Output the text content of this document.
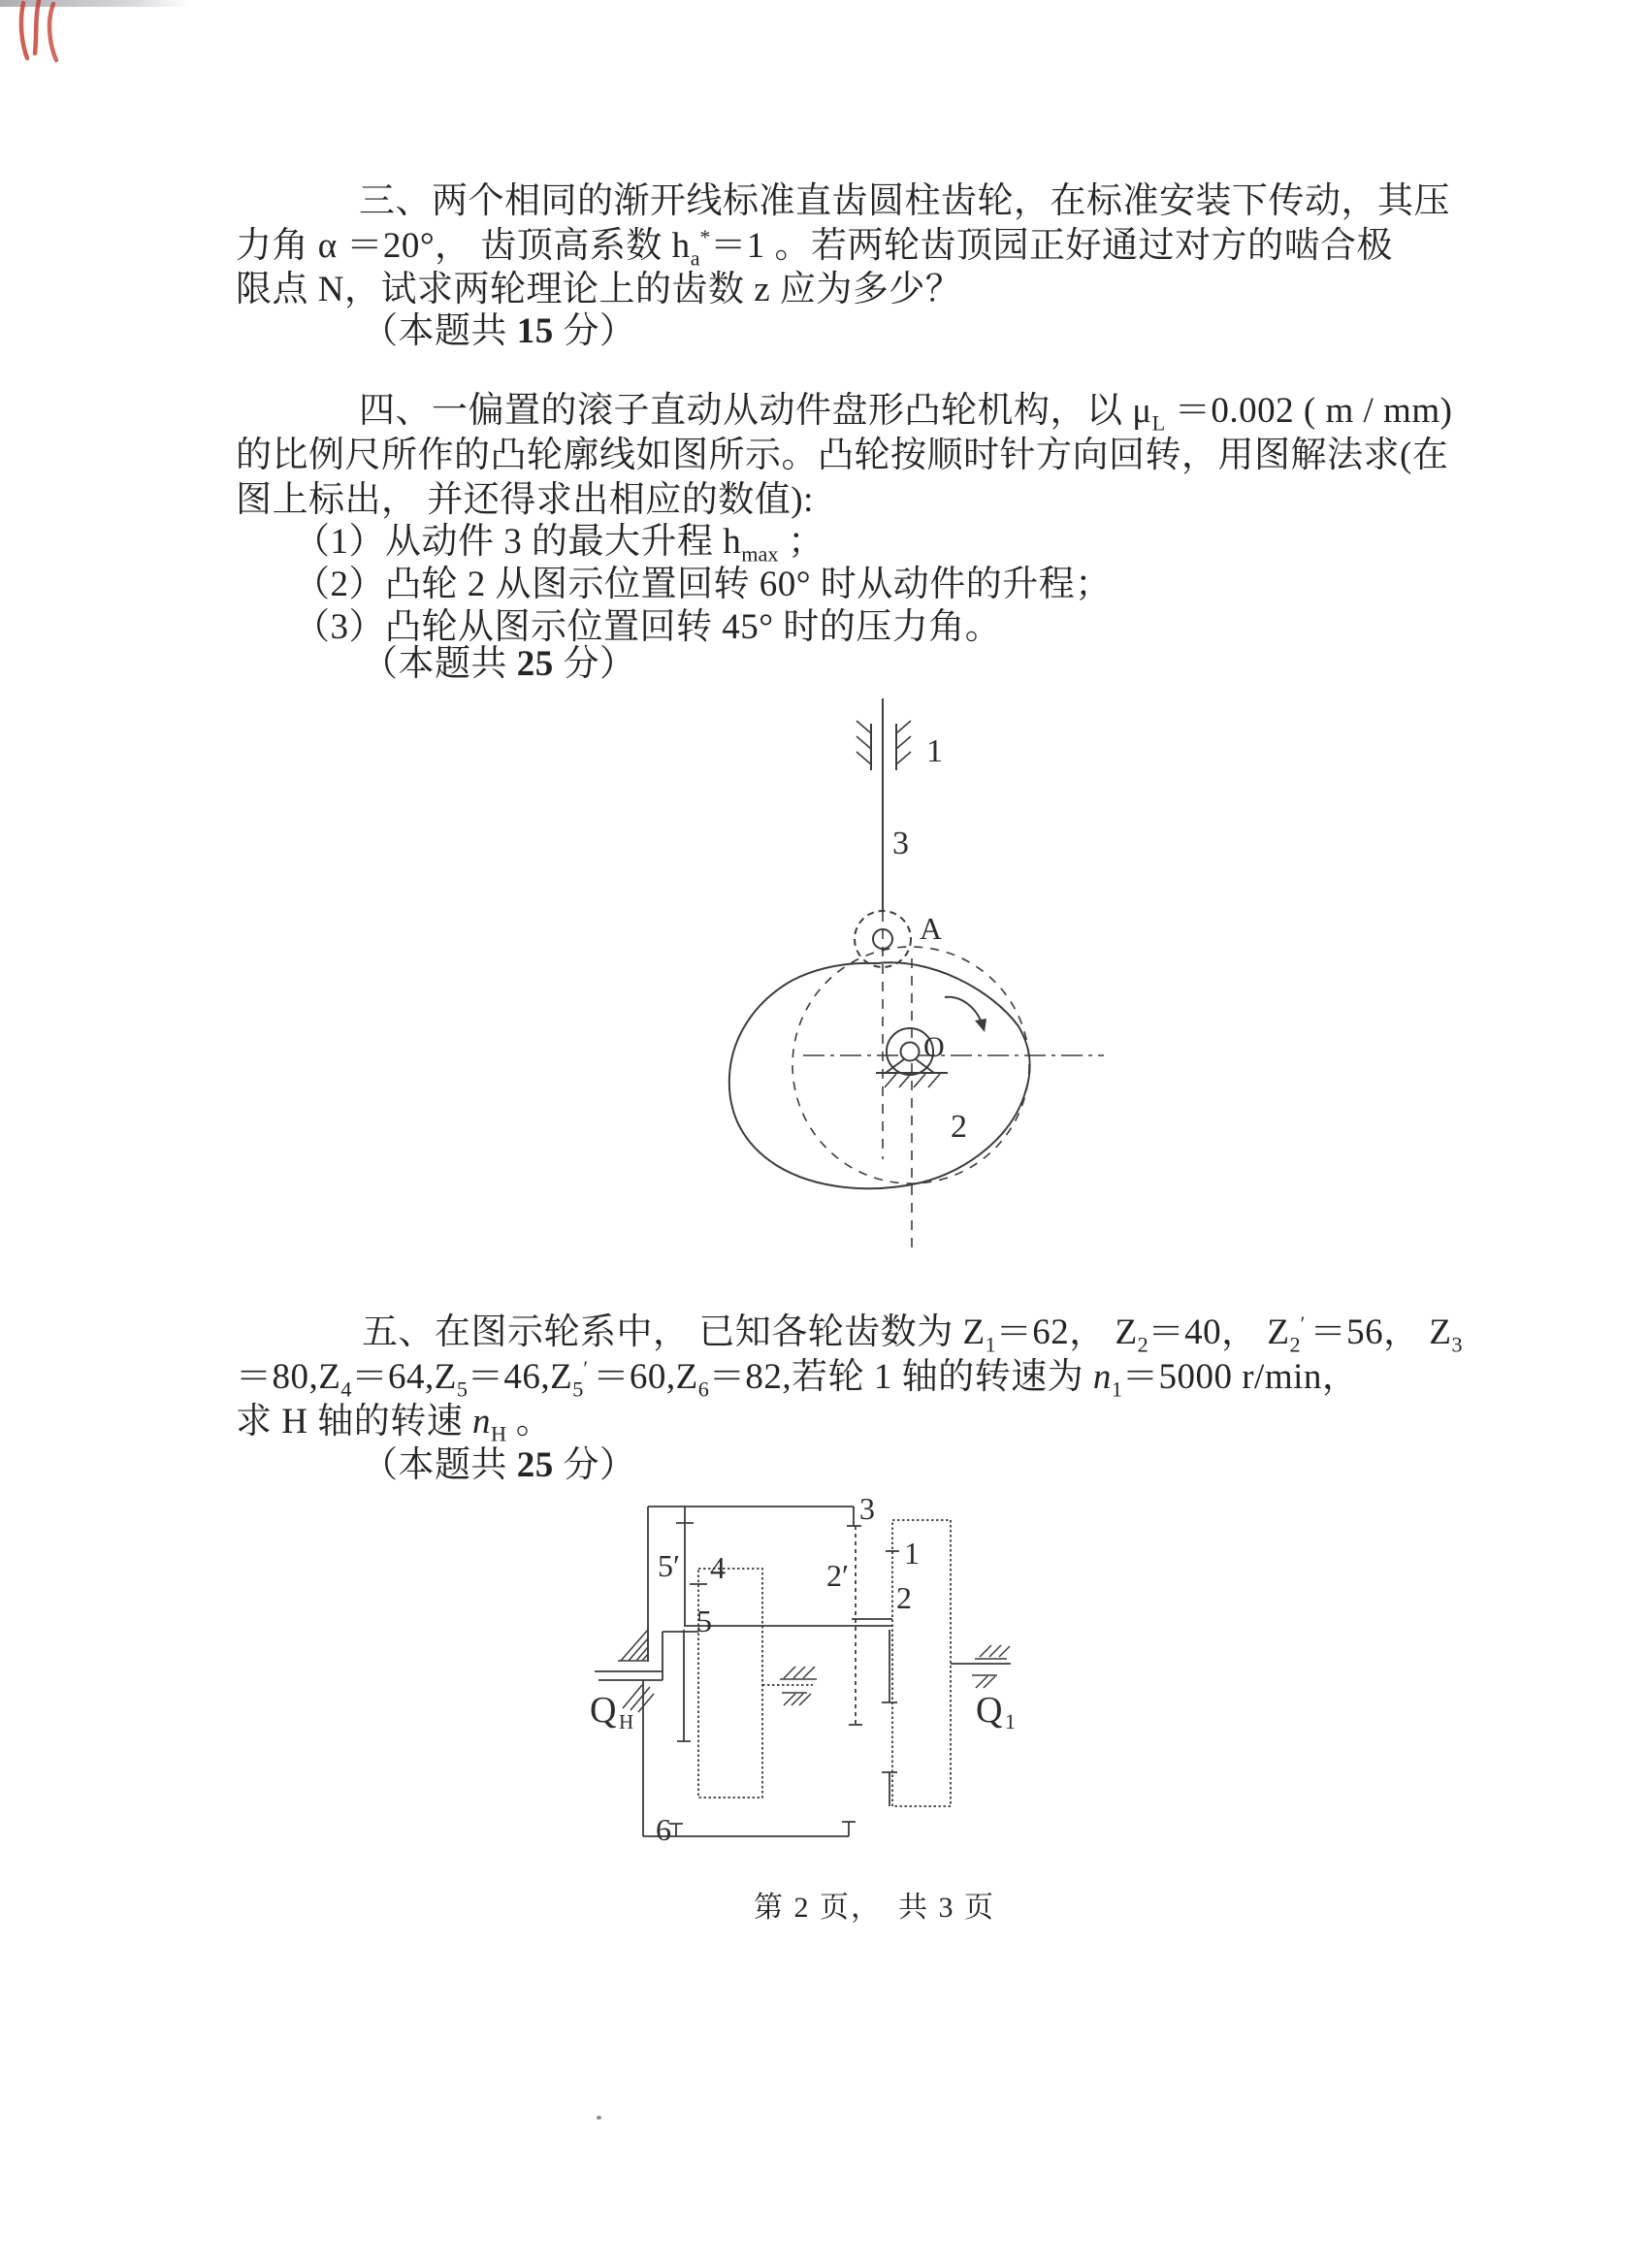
三、两个相同的渐开线标准直齿圆柱齿轮，在标准安装下传动，其压
力角 α ＝20°， 齿顶高系数 $h_a^*=1$ 。若两轮齿顶园正好通过对方的啮合极
限点 N，试求两轮理论上的齿数 z 应为多少？
（本题共 15 分）
四、一偏置的滚子直动从动件盘形凸轮机构，以 $\mu_L =0.002$ ( m / mm)
的比例尺所作的凸轮廓线如图所示。凸轮按顺时针方向回转，用图解法求(在
图上标出， 并还得求出相应的数值):
（1）从动件 3 的最大升程 $h_{max}$ ；
（2）凸轮 2 从图示位置回转 60° 时从动件的升程；
（3）凸轮从图示位置回转 45° 时的压力角。
（本题共 25 分）
1
3
A
O
2
五、在图示轮系中， 已知各轮齿数为 $Z_1=62$， $Z_2=40$， $Z_2' =56$， $Z_3$
$=80,Z_4=64,Z_5=46,Z_5' =60,Z_6=82$,若轮 1 轴的转速为 $n_1=5000$ r/min，
求 H 轴的转速 $n_H$ 。
（本题共 25 分）
5′ 4
5
3
2′
1
2
6
Q H	Q 1
第 2 页，　共 3 页
